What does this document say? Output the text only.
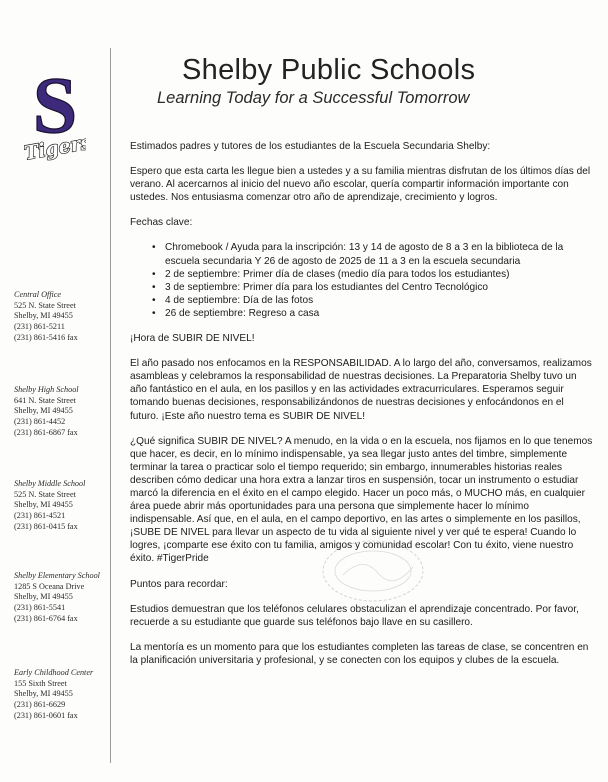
S
Tigers
Shelby Public Schools
Learning Today for a Successful Tomorrow
Central Office
525 N. State Street
Shelby, MI 49455
(231) 861-5211
(231) 861-5416 fax
Shelby High School
641 N. State Street
Shelby, MI 49455
(231) 861-4452
(231) 861-6867 fax
Shelby Middle School
525 N. State Street
Shelby, MI 49455
(231) 861-4521
(231) 861-0415 fax
Shelby Elementary School
1285 S Oceana Drive
Shelby, MI 49455
(231) 861-5541
(231) 861-6764 fax
Early Childhood Center
155 Sixth Street
Shelby, MI 49455
(231) 861-6629
(231) 861-0601 fax

Estimados padres y tutores de los estudiantes de la Escuela Secundaria Shelby:

Espero que esta carta les llegue bien a ustedes y a su familia mientras disfrutan de los últimos días del verano. Al acercarnos al inicio del nuevo año escolar, quería compartir información importante con ustedes. Nos entusiasma comenzar otro año de aprendizaje, crecimiento y logros.

Fechas clave:

• Chromebook / Ayuda para la inscripción: 13 y 14 de agosto de 8 a 3 en la biblioteca de la escuela secundaria Y 26 de agosto de 2025 de 11 a 3 en la escuela secundaria
• 2 de septiembre: Primer día de clases (medio día para todos los estudiantes)
• 3 de septiembre: Primer día para los estudiantes del Centro Tecnológico
• 4 de septiembre: Día de las fotos
• 26 de septiembre: Regreso a casa

¡Hora de SUBIR DE NIVEL!

El año pasado nos enfocamos en la RESPONSABILIDAD. A lo largo del año, conversamos, realizamos asambleas y celebramos la responsabilidad de nuestras decisiones. La Preparatoria Shelby tuvo un año fantástico en el aula, en los pasillos y en las actividades extracurriculares. Esperamos seguir tomando buenas decisiones, responsabilizándonos de nuestras decisiones y enfocándonos en el futuro. ¡Este año nuestro tema es SUBIR DE NIVEL!

¿Qué significa SUBIR DE NIVEL? A menudo, en la vida o en la escuela, nos fijamos en lo que tenemos que hacer, es decir, en lo mínimo indispensable, ya sea llegar justo antes del timbre, simplemente terminar la tarea o practicar solo el tiempo requerido; sin embargo, innumerables historias reales describen cómo dedicar una hora extra a lanzar tiros en suspensión, tocar un instrumento o estudiar marcó la diferencia en el éxito en el campo elegido. Hacer un poco más, o MUCHO más, en cualquier área puede abrir más oportunidades para una persona que simplemente hacer lo mínimo indispensable. Así que, en el aula, en el campo deportivo, en las artes o simplemente en los pasillos, ¡SUBE DE NIVEL para llevar un aspecto de tu vida al siguiente nivel y ver qué te espera! Cuando lo logres, ¡comparte ese éxito con tu familia, amigos y comunidad escolar! Con tu éxito, viene nuestro éxito. #TigerPride

Puntos para recordar:

Estudios demuestran que los teléfonos celulares obstaculizan el aprendizaje concentrado. Por favor, recuerde a su estudiante que guarde sus teléfonos bajo llave en su casillero.

La mentoría es un momento para que los estudiantes completen las tareas de clase, se concentren en la planificación universitaria y profesional, y se conecten con los equipos y clubes de la escuela.
